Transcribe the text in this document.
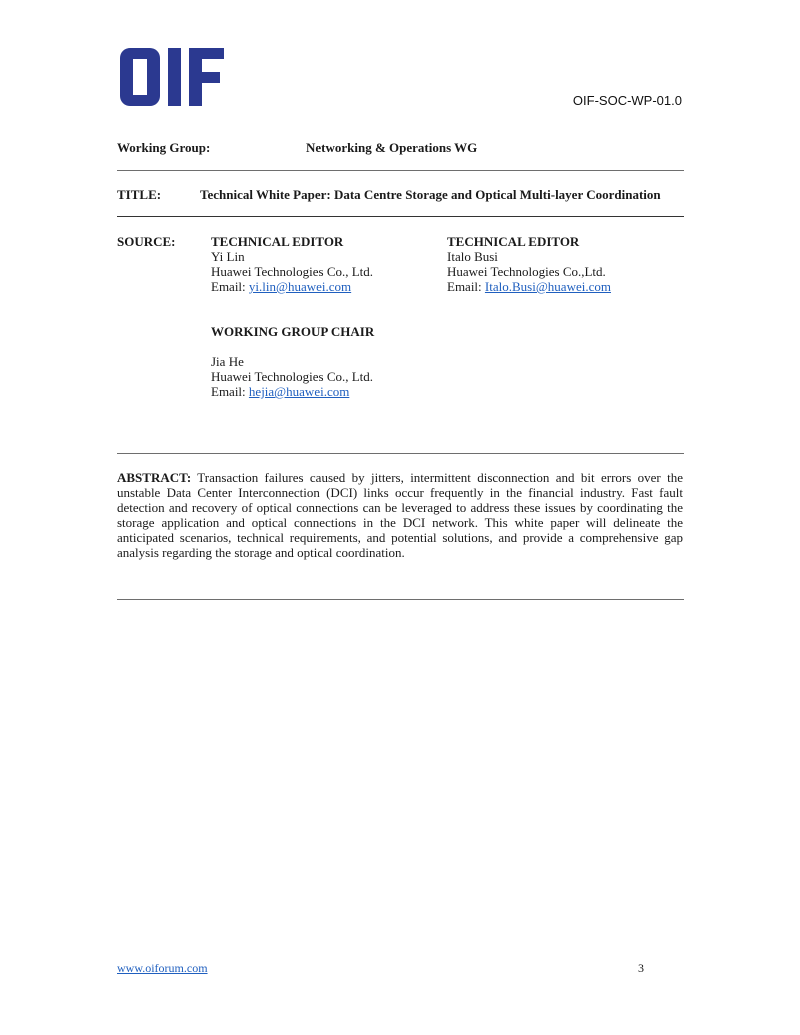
OIF-SOC-WP-01.0
Working Group:	Networking & Operations WG
TITLE:	Technical White Paper: Data Centre Storage and Optical Multi-layer Coordination
SOURCE:	TECHNICAL EDITOR
Yi Lin
Huawei Technologies Co., Ltd.
Email: yi.lin@huawei.com
TECHNICAL EDITOR
Italo Busi
Huawei Technologies Co.,Ltd.
Email: Italo.Busi@huawei.com
WORKING GROUP CHAIR
Jia He
Huawei Technologies Co., Ltd.
Email: hejia@huawei.com
ABSTRACT: Transaction failures caused by jitters, intermittent disconnection and bit errors over the unstable Data Center Interconnection (DCI) links occur frequently in the financial industry. Fast fault detection and recovery of optical connections can be leveraged to address these issues by coordinating the storage application and optical connections in the DCI network. This white paper will delineate the anticipated scenarios, technical requirements, and potential solutions, and provide a comprehensive gap analysis regarding the storage and optical coordination.
www.oiforum.com	3
